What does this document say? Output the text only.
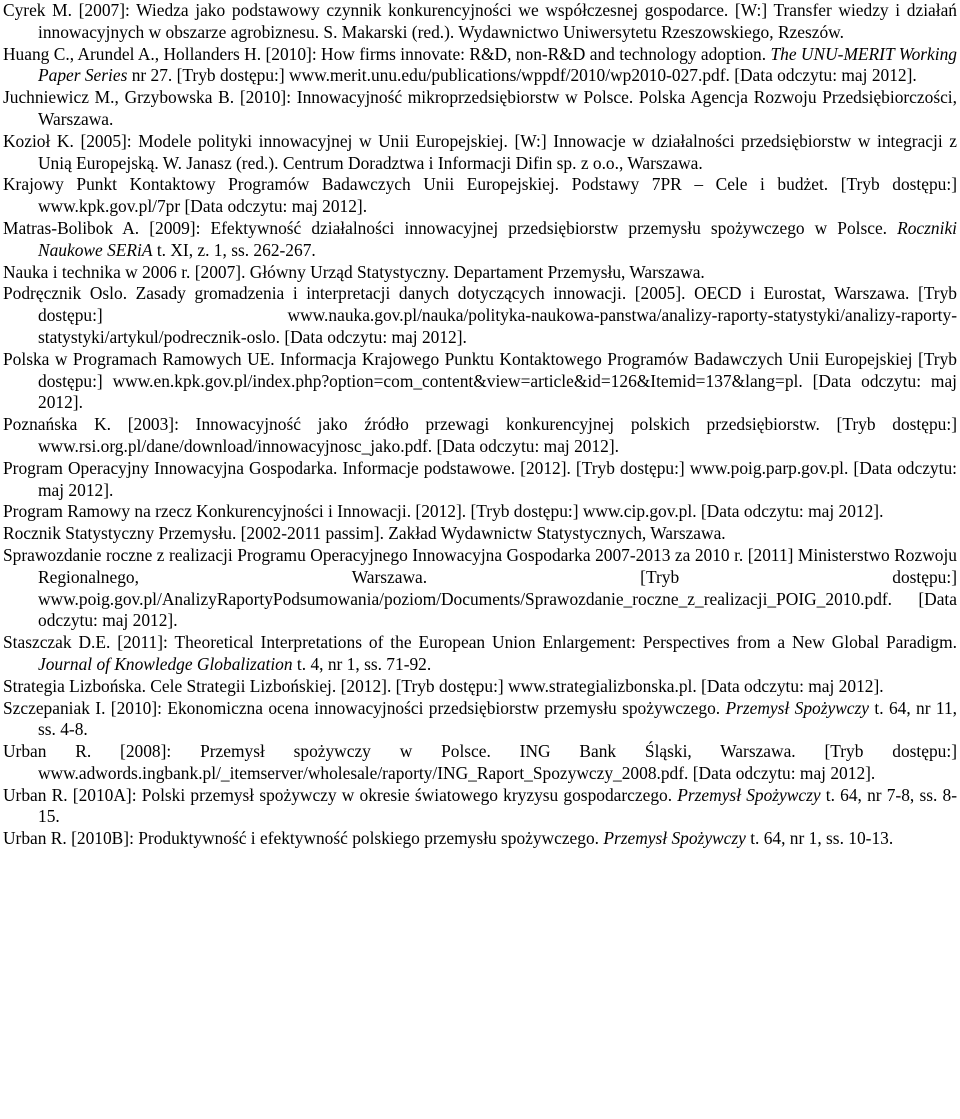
Cyrek M. [2007]: Wiedza jako podstawowy czynnik konkurencyjności we współczesnej gospodarce. [W:] Transfer wiedzy i działań innowacyjnych w obszarze agrobiznesu. S. Makarski (red.). Wydawnictwo Uniwersytetu Rzeszowskiego, Rzeszów.

Huang C., Arundel A., Hollanders H. [2010]: How firms innovate: R&D, non-R&D and technology adoption. The UNU-MERIT Working Paper Series nr 27. [Tryb dostępu:] www.merit.unu.edu/publications/wppdf/2010/wp2010-027.pdf. [Data odczytu: maj 2012].

Juchniewicz M., Grzybowska B. [2010]: Innowacyjność mikroprzedsiębiorstw w Polsce. Polska Agencja Rozwoju Przedsiębiorczości, Warszawa.

Kozioł K. [2005]: Modele polityki innowacyjnej w Unii Europejskiej. [W:] Innowacje w działalności przedsiębiorstw w integracji z Unią Europejską. W. Janasz (red.). Centrum Doradztwa i Informacji Difin sp. z o.o., Warszawa.

Krajowy Punkt Kontaktowy Programów Badawczych Unii Europejskiej. Podstawy 7PR – Cele i budżet. [Tryb dostępu:] www.kpk.gov.pl/7pr [Data odczytu: maj 2012].

Matras-Bolibok A. [2009]: Efektywność działalności innowacyjnej przedsiębiorstw przemysłu spożywczego w Polsce. Roczniki Naukowe SERiA t. XI, z. 1, ss. 262-267.

Nauka i technika w 2006 r. [2007]. Główny Urząd Statystyczny. Departament Przemysłu, Warszawa.

Podręcznik Oslo. Zasady gromadzenia i interpretacji danych dotyczących innowacji. [2005]. OECD i Eurostat, Warszawa. [Tryb dostępu:] www.nauka.gov.pl/nauka/polityka-naukowa-panstwa/analizy-raporty-statystyki/analizy-raporty-statystyki/artykul/podrecznik-oslo. [Data odczytu: maj 2012].

Polska w Programach Ramowych UE. Informacja Krajowego Punktu Kontaktowego Programów Badawczych Unii Europejskiej [Tryb dostępu:] www.en.kpk.gov.pl/index.php?option=com_content&view=article&id=126&Itemid=137&lang=pl. [Data odczytu: maj 2012].

Poznańska K. [2003]: Innowacyjność jako źródło przewagi konkurencyjnej polskich przedsiębiorstw. [Tryb dostępu:] www.rsi.org.pl/dane/download/innowacyjnosc_jako.pdf. [Data odczytu: maj 2012].

Program Operacyjny Innowacyjna Gospodarka. Informacje podstawowe. [2012]. [Tryb dostępu:] www.poig.parp.gov.pl. [Data odczytu: maj 2012].

Program Ramowy na rzecz Konkurencyjności i Innowacji. [2012]. [Tryb dostępu:] www.cip.gov.pl. [Data odczytu: maj 2012].

Rocznik Statystyczny Przemysłu. [2002-2011 passim]. Zakład Wydawnictw Statystycznych, Warszawa.

Sprawozdanie roczne z realizacji Programu Operacyjnego Innowacyjna Gospodarka 2007-2013 za 2010 r. [2011] Ministerstwo Rozwoju Regionalnego, Warszawa. [Tryb dostępu:] www.poig.gov.pl/AnalizyRaportyPodsumowania/poziom/Documents/Sprawozdanie_roczne_z_realizacji_POIG_2010.pdf. [Data odczytu: maj 2012].

Staszczak D.E. [2011]: Theoretical Interpretations of the European Union Enlargement: Perspectives from a New Global Paradigm. Journal of Knowledge Globalization t. 4, nr 1, ss. 71-92.

Strategia Lizbońska. Cele Strategii Lizbońskiej. [2012]. [Tryb dostępu:] www.strategializbonska.pl. [Data odczytu: maj 2012].

Szczepaniak I. [2010]: Ekonomiczna ocena innowacyjności przedsiębiorstw przemysłu spożywczego. Przemysł Spożywczy t. 64, nr 11, ss. 4-8.

Urban R. [2008]: Przemysł spożywczy w Polsce. ING Bank Śląski, Warszawa. [Tryb dostępu:] www.adwords.ingbank.pl/_itemserver/wholesale/raporty/ING_Raport_Spozywczy_2008.pdf. [Data odczytu: maj 2012].

Urban R. [2010A]: Polski przemysł spożywczy w okresie światowego kryzysu gospodarczego. Przemysł Spożywczy t. 64, nr 7-8, ss. 8-15.

Urban R. [2010B]: Produktywność i efektywność polskiego przemysłu spożywczego. Przemysł Spożywczy t. 64, nr 1, ss. 10-13.
